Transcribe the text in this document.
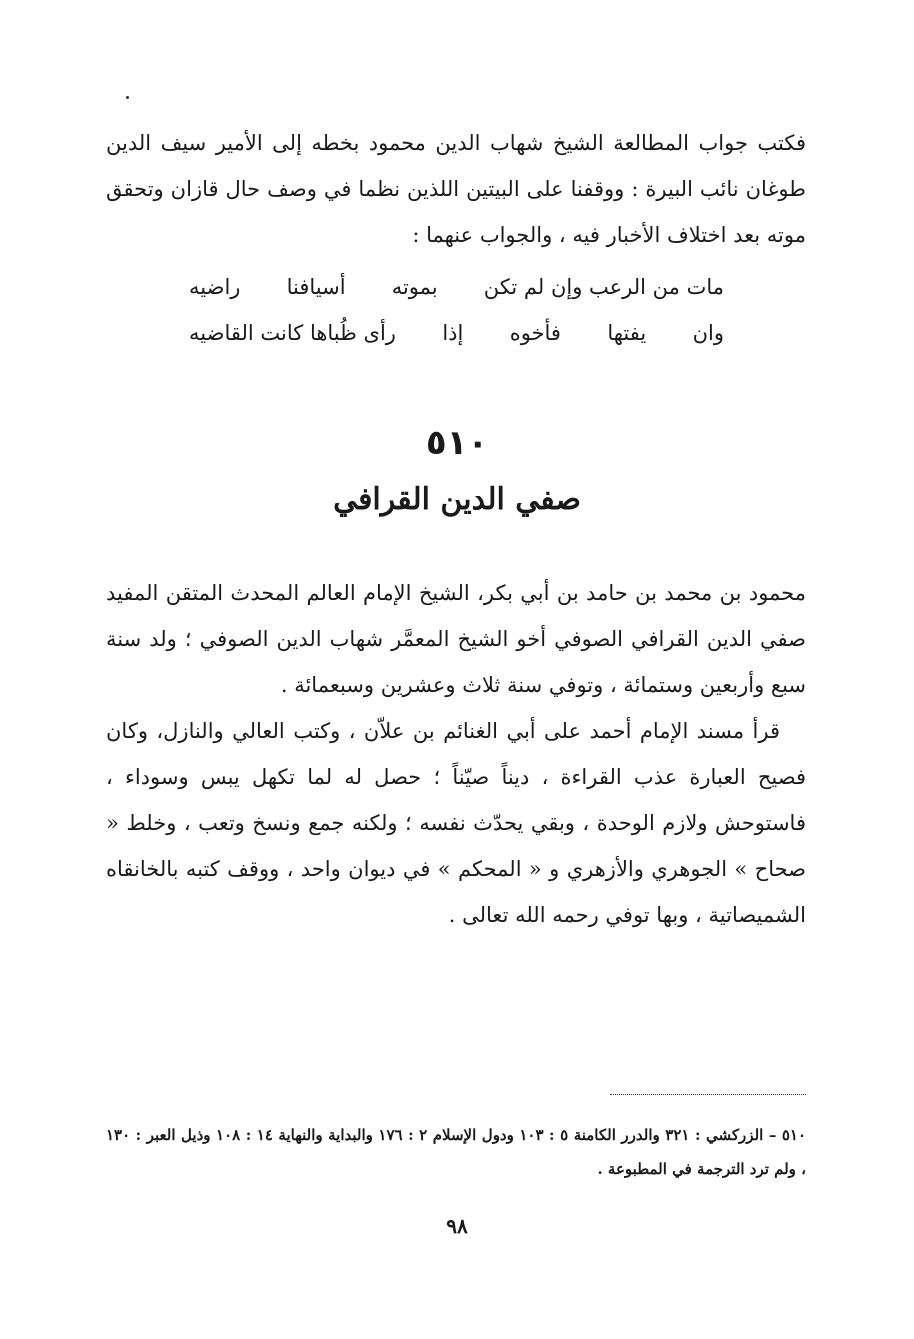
فكتب جواب المطالعة الشيخ شهاب الدين محمود بخطه إلى الأمير سيف الدين طوغان نائب البيرة : ووقفنا على البيتين اللذين نظما في وصف حال قازان وتحقق موته بعد اختلاف الأخبار فيه ، والجواب عنهما :

مات من الرعب وإن لم تكن
بموته
أسيافنا
راضيه
وان
يفتها
فأخوه
إذا
رأى ظُباها كانت القاضيه
٥١٠
صفي الدين القرافي

محمود بن محمد بن حامد بن أبي بكر، الشيخ الإمام العالم المحدث المتقن المفيد صفي الدين القرافي الصوفي أخو الشيخ المعمَّر شهاب الدين الصوفي ؛ ولد سنة سبع وأربعين وستمائة ، وتوفي سنة ثلاث وعشرين وسبعمائة .

قرأ مسند الإمام أحمد على أبي الغنائم بن علاّن ، وكتب العالي والنازل، وكان فصيح العبارة عذب القراءة ، ديناً صيّناً ؛ حصل له لما تكهل يبس وسوداء ، فاستوحش ولازم الوحدة ، وبقي يحدّث نفسه ؛ ولكنه جمع ونسخ وتعب ، وخلط « صحاح » الجوهري والأزهري و « المحكم » في ديوان واحد ، ووقف كتبه بالخانقاه الشميصاتية ، وبها توفي رحمه الله تعالى .

٥١٠ – الزركشي : ٣٢١ والدرر الكامنة ٥ : ١٠٣ ودول الإسلام ٢ : ١٧٦ والبداية والنهاية ١٤ : ١٠٨ وذيل العبر : ١٣٠ ، ولم ترد الترجمة في المطبوعة .

٩٨
